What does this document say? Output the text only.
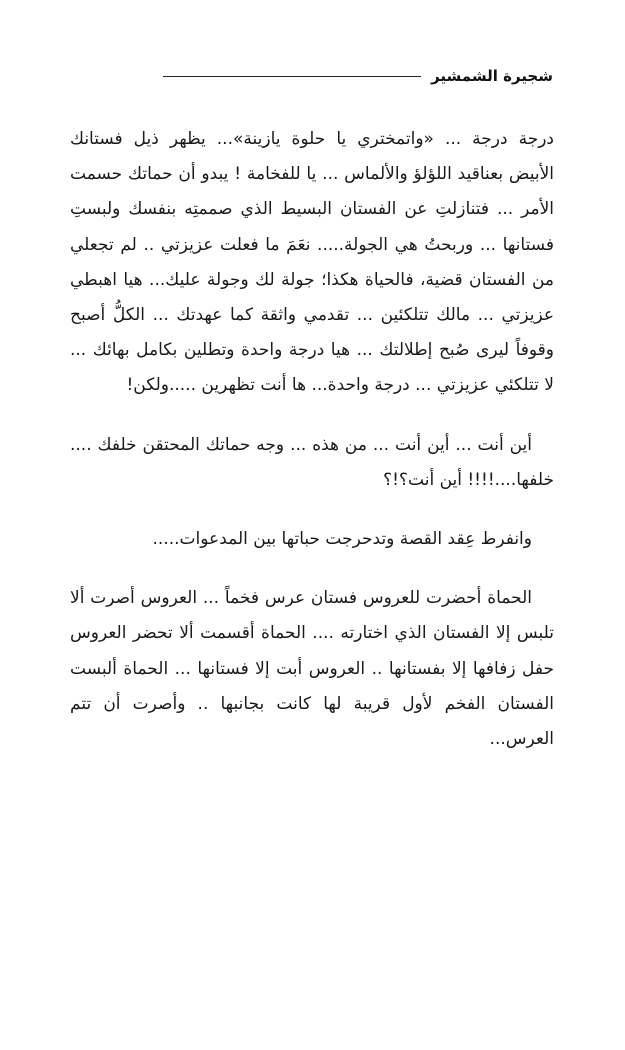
شجيرة الشمشير

درجة درجة ... «واتمختري يا حلوة يازينة»... يظهر ذيل فستانك الأبيض بعناقيد اللؤلؤ والألماس ... يا للفخامة ! يبدو أن حماتك حسمت الأمر ... فتنازلتِ عن الفستان البسيط الذي صممتِه بنفسك ولبستِ فستانها ... وربحتُ هي الجولة..... نعَمَ ما فعلت عزيزتي .. لم تجعلي من الفستان قضية، فالحياة هكذا؛ جولة لك وجولة عليك... هيا اهبطي عزيزتي ... مالك تتلكئين ... تقدمي واثقة كما عهدتك ... الكلُّ أصبح وقوفاً ليرى صُبح إطلالتك ... هيا درجة واحدة وتطلين بكامل بهائك ... لا تتلكئي عزيزتي ... درجة واحدة... ها أنت تظهرين .....ولكن!

أين أنت ... أين أنت ... من هذه ... وجه حماتك المحتقن خلفك .... خلفها....!!!! أين أنت؟!؟

وانفرط عِقد القصة وتدحرجت حباتها بين المدعوات.....

الحماة أحضرت للعروس فستان عرس فخماً ... العروس أصرت ألا تلبس إلا الفستان الذي اختارته .... الحماة أقسمت ألا تحضر العروس حفل زفافها إلا بفستانها .. العروس أبت إلا فستانها ... الحماة ألبست الفستان الفخم لأول قريبة لها كانت بجانبها .. وأصرت أن تتم العرس...
